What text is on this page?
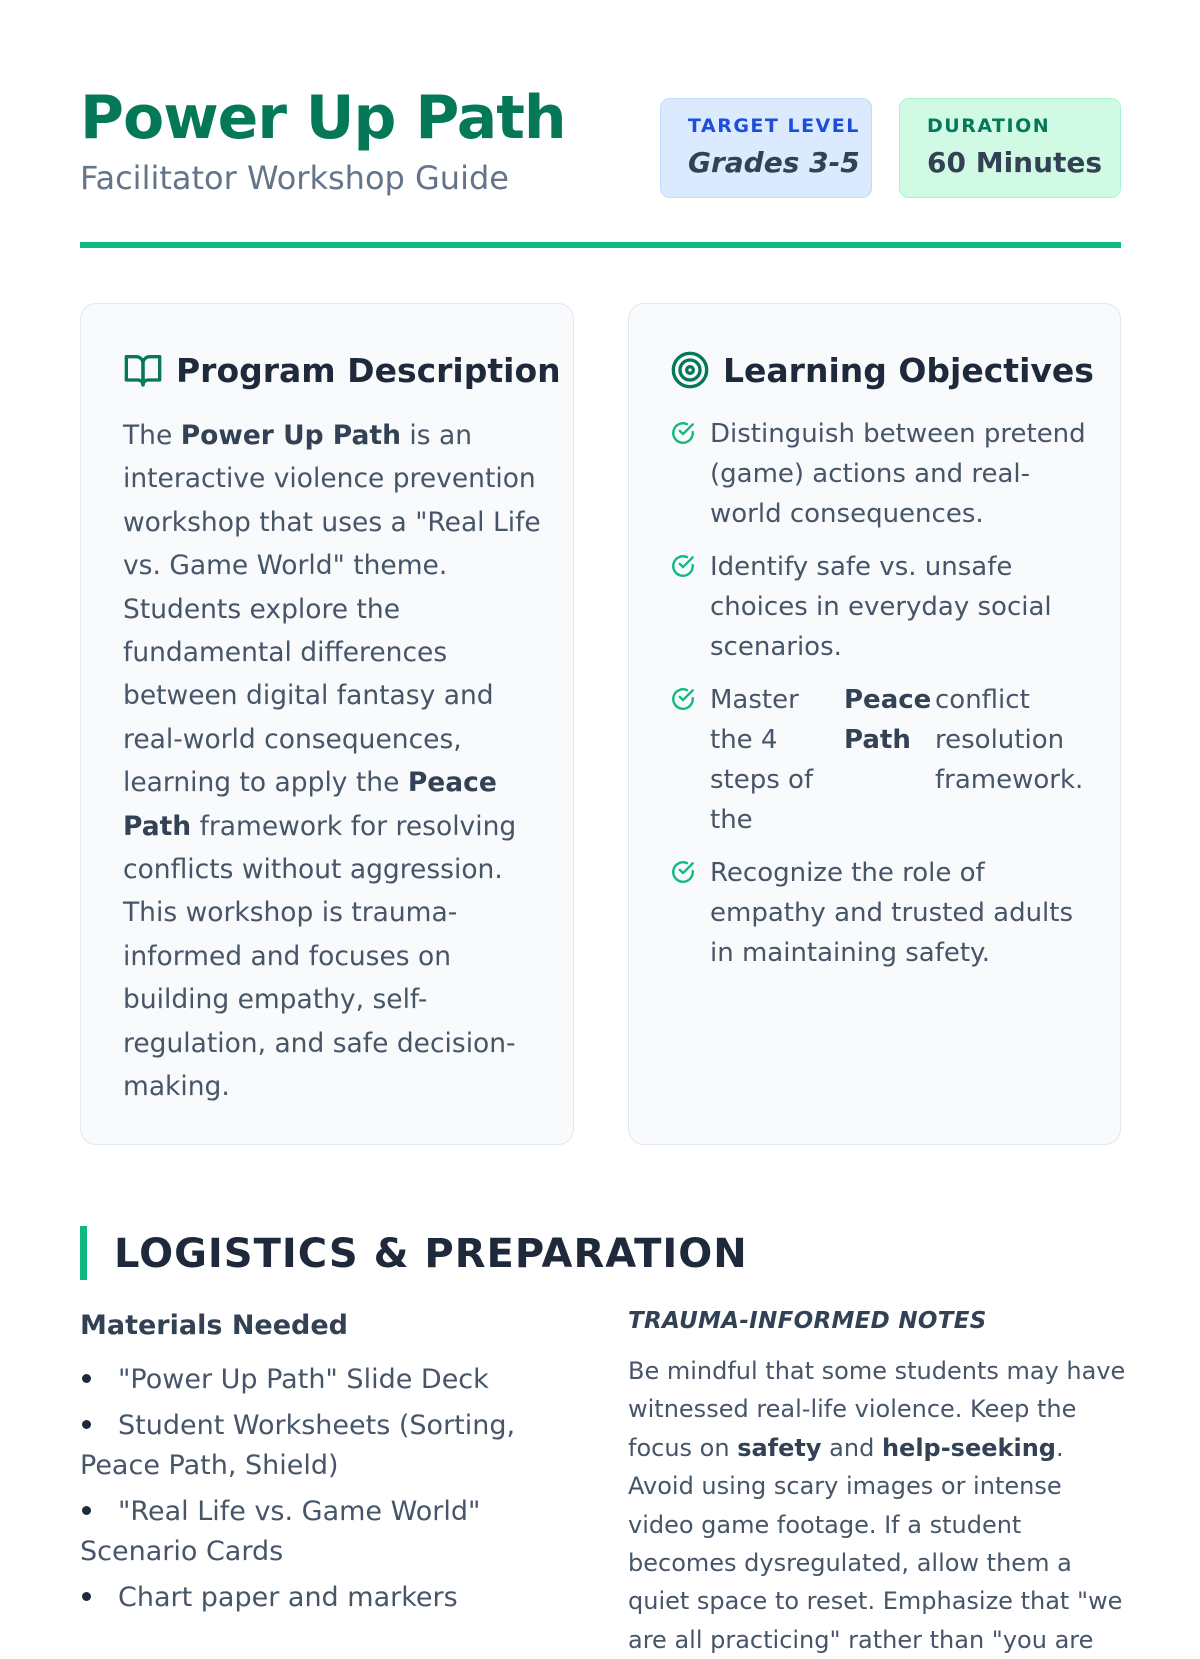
Power Up Path
Facilitator Workshop Guide
TARGET LEVEL
Grades 3-5
DURATION
60 Minutes
Program Description
The Power Up Path is an interactive violence prevention workshop that uses a "Real Life vs. Game World" theme. Students explore the fundamental differences between digital fantasy and real-world consequences, learning to apply the Peace Path framework for resolving conflicts without aggression. This workshop is trauma-informed and focuses on building empathy, self-regulation, and safe decision-making.
Learning Objectives
Distinguish between pretend (game) actions and real-world consequences.
Identify safe vs. unsafe choices in everyday social scenarios.
Master the 4 steps of the
Peace Path
conflict resolution framework.
Recognize the role of empathy and trusted adults in maintaining safety.
LOGISTICS & PREPARATION
Materials Needed
"Power Up Path" Slide Deck
Student Worksheets (Sorting, Peace Path, Shield)
"Real Life vs. Game World" Scenario Cards
Chart paper and markers
TRAUMA-INFORMED NOTES
Be mindful that some students may have witnessed real-life violence. Keep the focus on safety and help-seeking. Avoid using scary images or intense video game footage. If a student becomes dysregulated, allow them a quiet space to reset. Emphasize that "we are all practicing" rather than "you are
